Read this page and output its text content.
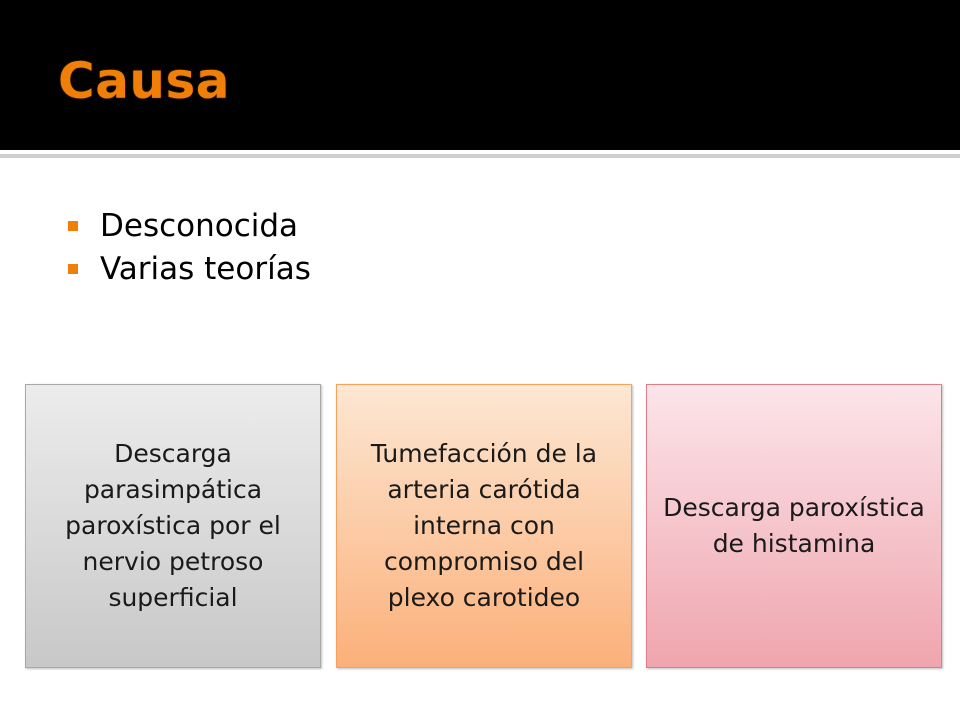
Causa
Desconocida
Varias teorías
Descarga parasimpática paroxística por el nervio petroso superficial
Tumefacción de la arteria carótida interna con compromiso del plexo carotideo
Descarga paroxística de histamina
